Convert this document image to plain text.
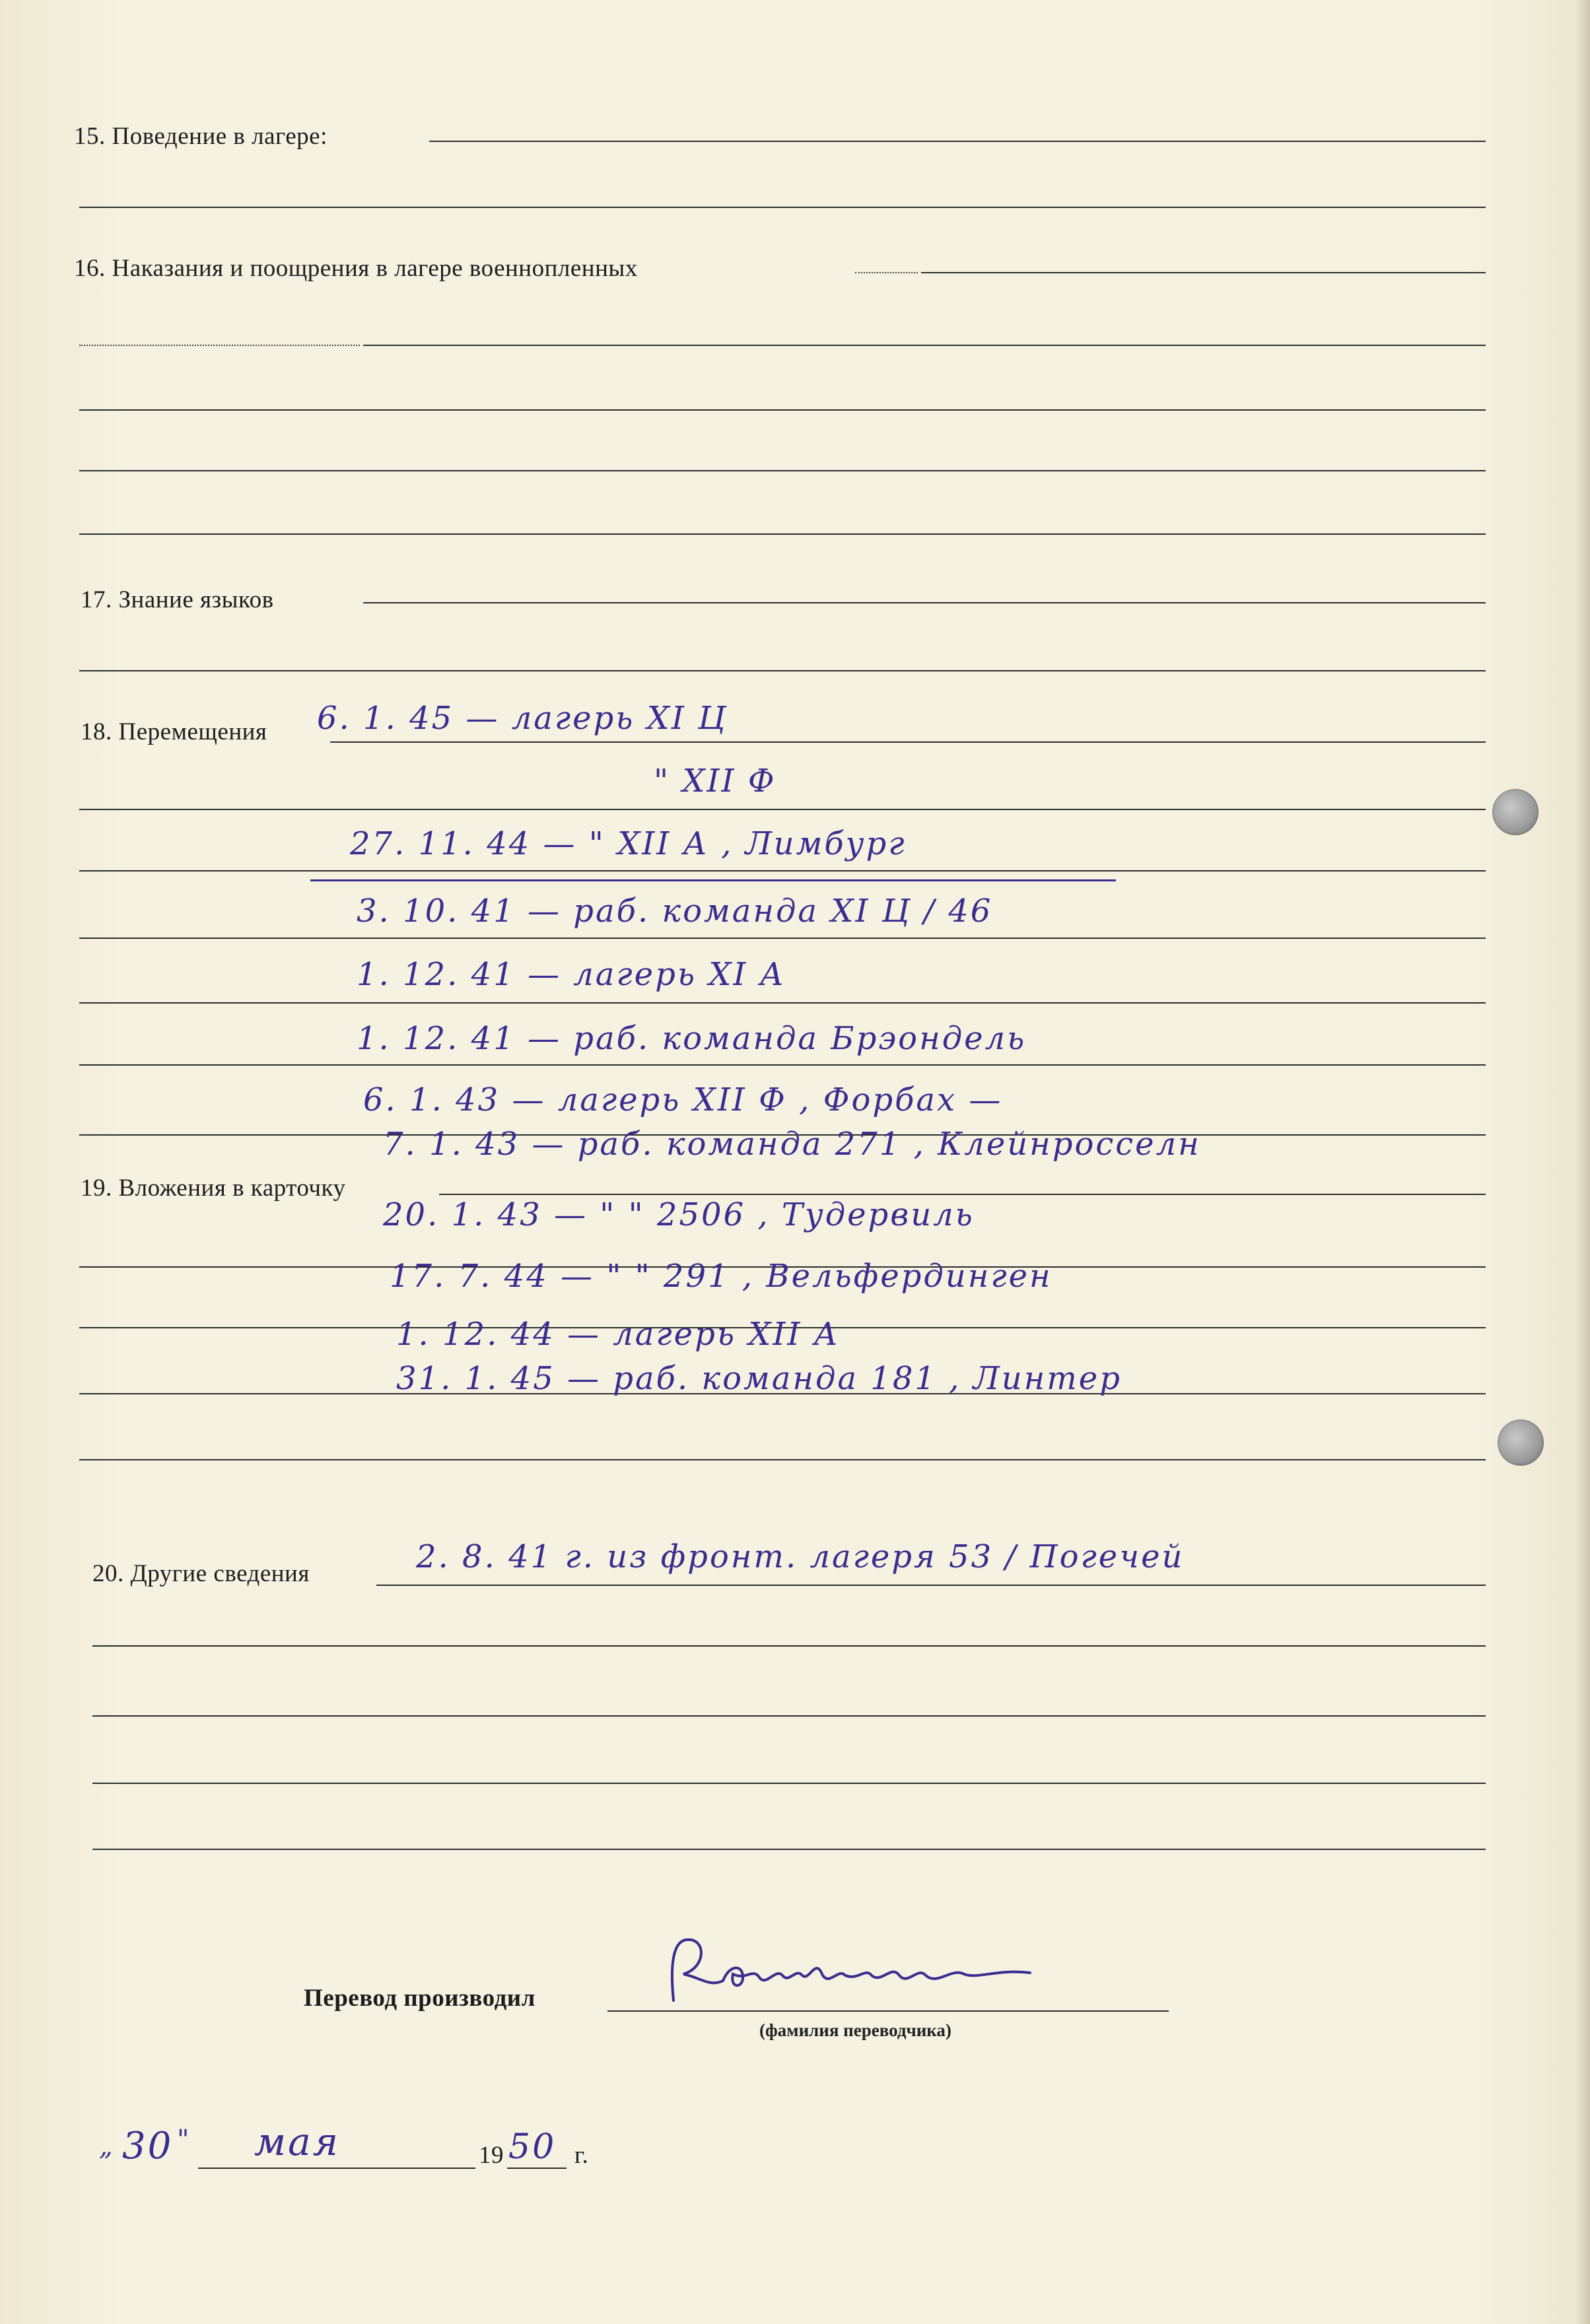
15. Поведение в лагере:
16. Наказания и поощрения в лагере военнопленных
17. Знание языков
18. Перемещения
19. Вложения в карточку
6. 1. 45 — лагерь XI Ц
" XII Ф
27. 11. 44 — " XII А , Лимбург
3. 10. 41 — раб. команда XI Ц / 46
1. 12. 41 — лагерь XI А
1. 12. 41 — раб. команда Брэондель
6. 1. 43 — лагерь XII Ф , Форбах —
7. 1. 43 — раб. команда 271 , Клейнросселн
20. 1. 43 — " " 2506 , Тудервиль
17. 7. 44 — " " 291 , Вельфердинген
1. 12. 44 — лагерь XII А
31. 1. 45 — раб. команда 181 , Линтер
20. Другие сведения	2. 8. 41 г. из фронт. лагеря 53 / Погечей
Перевод производил
(фамилия переводчика)
„ 30 " мая	19 50 г.
